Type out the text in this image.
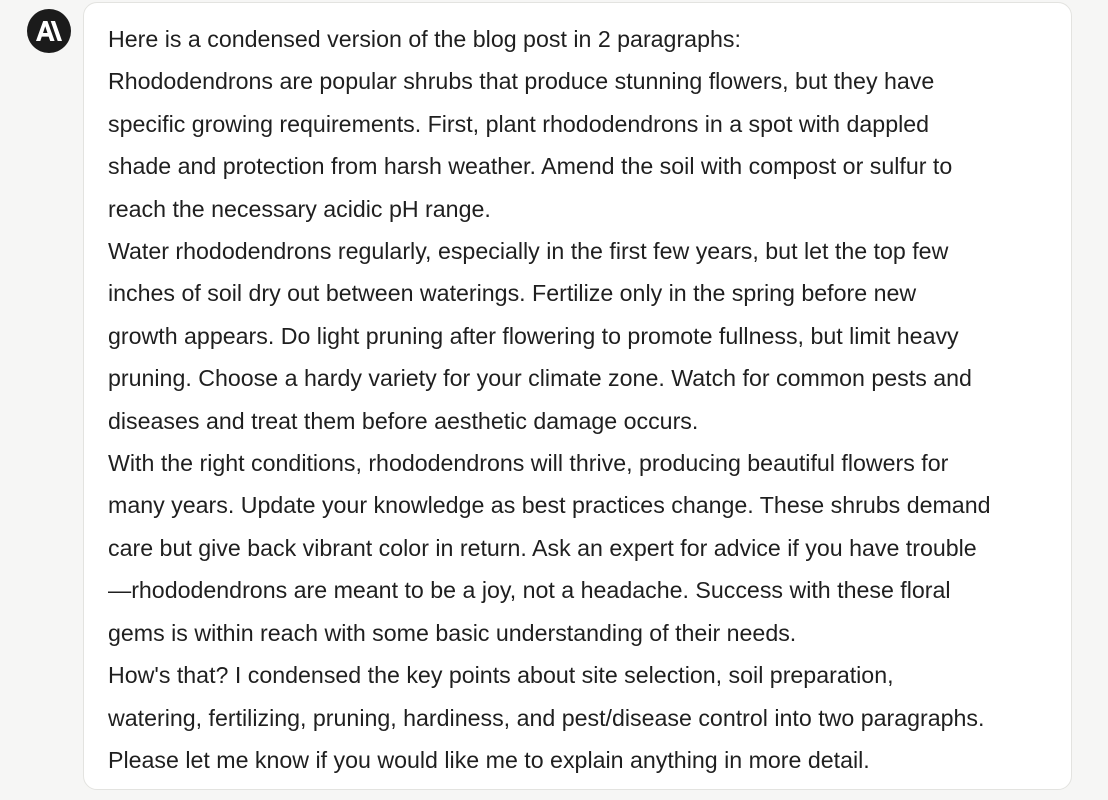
Here is a condensed version of the blog post in 2 paragraphs:

Rhododendrons are popular shrubs that produce stunning flowers, but they have

specific growing requirements. First, plant rhododendrons in a spot with dappled

shade and protection from harsh weather. Amend the soil with compost or sulfur to

reach the necessary acidic pH range.

Water rhododendrons regularly, especially in the first few years, but let the top few

inches of soil dry out between waterings. Fertilize only in the spring before new

growth appears. Do light pruning after flowering to promote fullness, but limit heavy

pruning. Choose a hardy variety for your climate zone. Watch for common pests and

diseases and treat them before aesthetic damage occurs.

With the right conditions, rhododendrons will thrive, producing beautiful flowers for

many years. Update your knowledge as best practices change. These shrubs demand

care but give back vibrant color in return. Ask an expert for advice if you have trouble

—rhododendrons are meant to be a joy, not a headache. Success with these floral

gems is within reach with some basic understanding of their needs.

How's that? I condensed the key points about site selection, soil preparation,

watering, fertilizing, pruning, hardiness, and pest/disease control into two paragraphs.

Please let me know if you would like me to explain anything in more detail.
